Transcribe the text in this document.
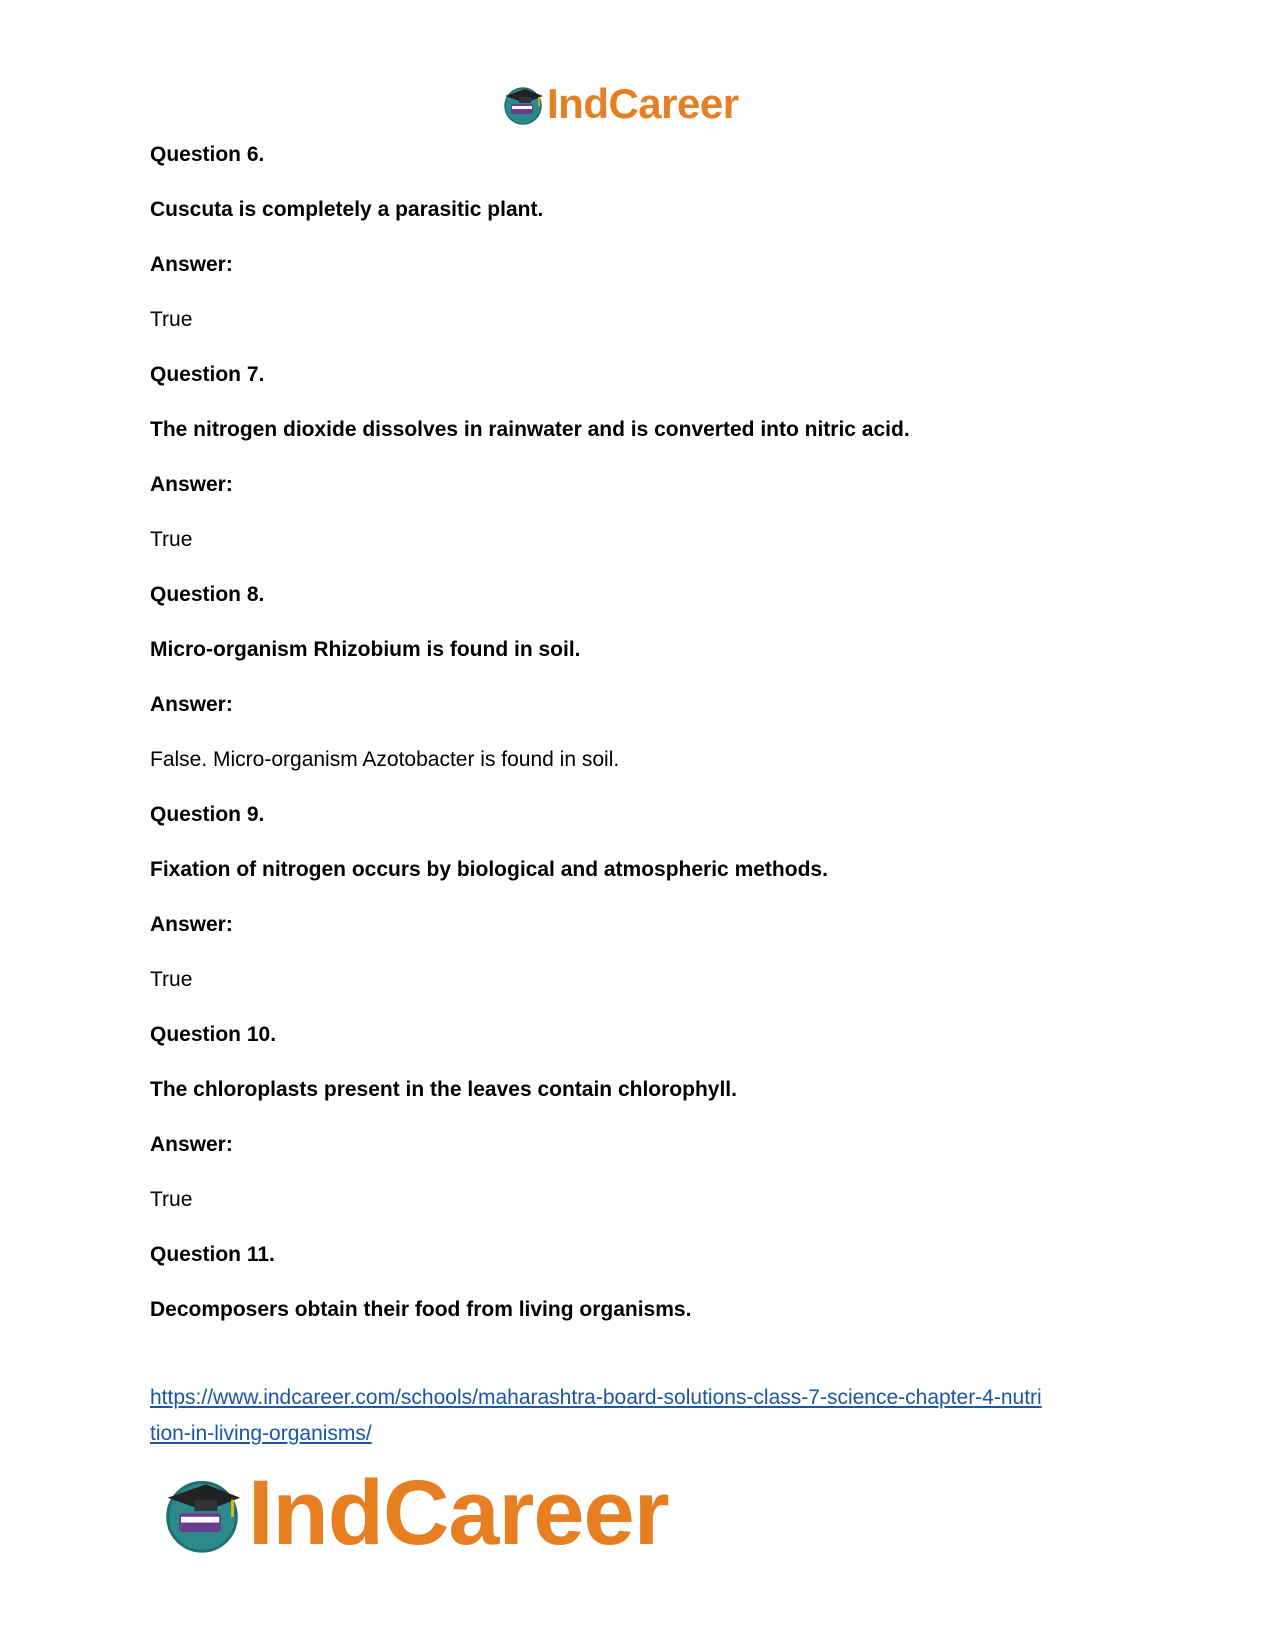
IndCareer

Question 6.

Cuscuta is completely a parasitic plant.

Answer:

True

Question 7.

The nitrogen dioxide dissolves in rainwater and is converted into nitric acid.

Answer:

True

Question 8.

Micro-organism Rhizobium is found in soil.

Answer:

False. Micro-organism Azotobacter is found in soil.

Question 9.

Fixation of nitrogen occurs by biological and atmospheric methods.

Answer:

True

Question 10.

The chloroplasts present in the leaves contain chlorophyll.

Answer:

True

Question 11.

Decomposers obtain their food from living organisms.

https://www.indcareer.com/schools/maharashtra-board-solutions-class-7-science-chapter-4-nutri
tion-in-living-organisms/
IndCareer
